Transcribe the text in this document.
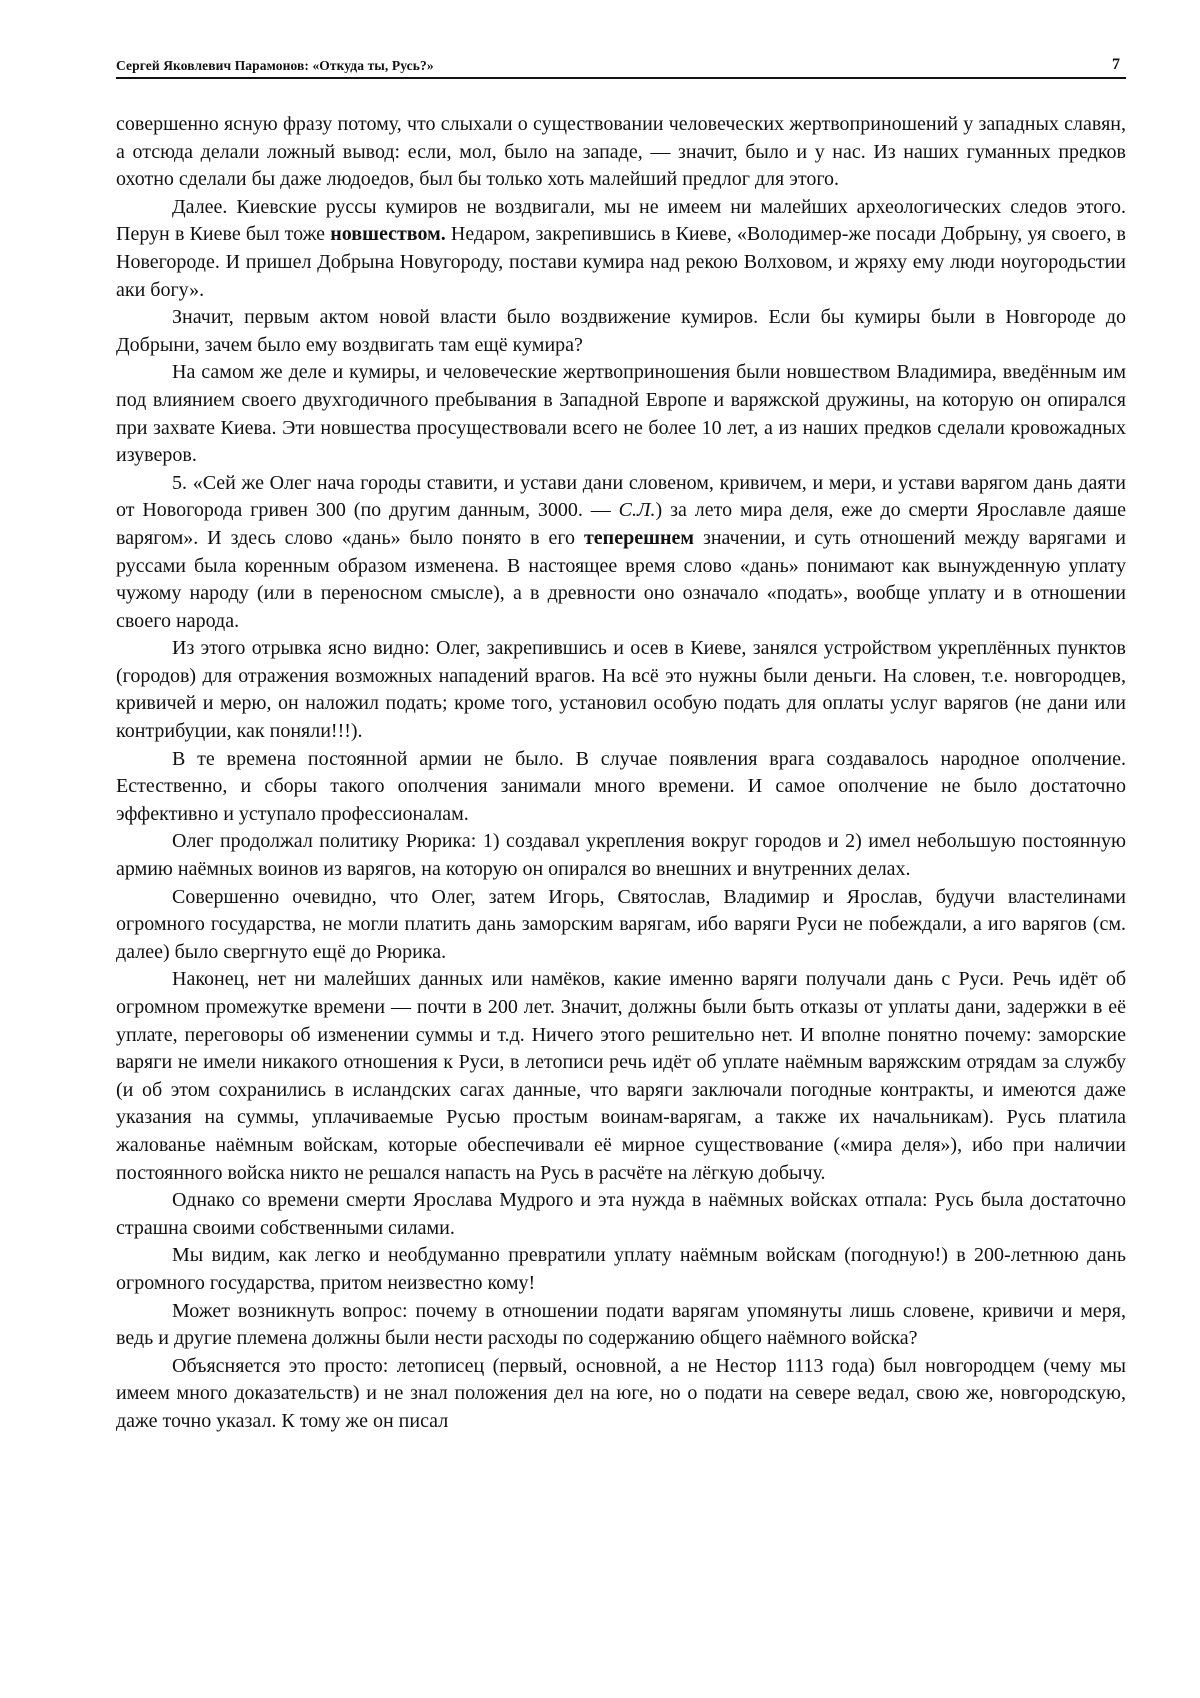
Сергей Яковлевич Парамонов: «Откуда ты, Русь?»	7

совершенно ясную фразу потому, что слыхали о существовании человеческих жертвоприношений у западных славян, а отсюда делали ложный вывод: если, мол, было на западе, — значит, было и у нас. Из наших гуманных предков охотно сделали бы даже людоедов, был бы только хоть малейший предлог для этого.

Далее. Киевские руссы кумиров не воздвигали, мы не имеем ни малейших археологических следов этого. Перун в Киеве был тоже новшеством. Недаром, закрепившись в Киеве, «Володимер-же посади Добрыну, уя своего, в Новегороде. И пришел Добрына Новугороду, постави кумира над рекою Волховом, и жряху ему люди ноугородьстии аки богу».

Значит, первым актом новой власти было воздвижение кумиров. Если бы кумиры были в Новгороде до Добрыни, зачем было ему воздвигать там ещё кумира?

На самом же деле и кумиры, и человеческие жертвоприношения были новшеством Владимира, введённым им под влиянием своего двухгодичного пребывания в Западной Европе и варяжской дружины, на которую он опирался при захвате Киева. Эти новшества просуществовали всего не более 10 лет, а из наших предков сделали кровожадных изуверов.

5. «Сей же Олег нача городы ставити, и устави дани словеном, кривичем, и мери, и устави варягом дань даяти от Новогорода гривен 300 (по другим данным, 3000. — С.Л.) за лето мира деля, еже до смерти Ярославле даяше варягом». И здесь слово «дань» было понято в его теперешнем значении, и суть отношений между варягами и руссами была коренным образом изменена. В настоящее время слово «дань» понимают как вынужденную уплату чужому народу (или в переносном смысле), а в древности оно означало «подать», вообще уплату и в отношении своего народа.

Из этого отрывка ясно видно: Олег, закрепившись и осев в Киеве, занялся устройством укреплённых пунктов (городов) для отражения возможных нападений врагов. На всё это нужны были деньги. На словен, т.е. новгородцев, кривичей и мерю, он наложил подать; кроме того, установил особую подать для оплаты услуг варягов (не дани или контрибуции, как поняли!!!).

В те времена постоянной армии не было. В случае появления врага создавалось народное ополчение. Естественно, и сборы такого ополчения занимали много времени. И самое ополчение не было достаточно эффективно и уступало профессионалам.

Олег продолжал политику Рюрика: 1) создавал укрепления вокруг городов и 2) имел небольшую постоянную армию наёмных воинов из варягов, на которую он опирался во внешних и внутренних делах.

Совершенно очевидно, что Олег, затем Игорь, Святослав, Владимир и Ярослав, будучи властелинами огромного государства, не могли платить дань заморским варягам, ибо варяги Руси не побеждали, а иго варягов (см. далее) было свергнуто ещё до Рюрика.

Наконец, нет ни малейших данных или намёков, какие именно варяги получали дань с Руси. Речь идёт об огромном промежутке времени — почти в 200 лет. Значит, должны были быть отказы от уплаты дани, задержки в её уплате, переговоры об изменении суммы и т.д. Ничего этого решительно нет. И вполне понятно почему: заморские варяги не имели никакого отношения к Руси, в летописи речь идёт об уплате наёмным варяжским отрядам за службу (и об этом сохранились в исландских сагах данные, что варяги заключали погодные контракты, и имеются даже указания на суммы, уплачиваемые Русью простым воинам-варягам, а также их начальникам). Русь платила жалованье наёмным войскам, которые обеспечивали её мирное существование («мира деля»), ибо при наличии постоянного войска никто не решался напасть на Русь в расчёте на лёгкую добычу.

Однако со времени смерти Ярослава Мудрого и эта нужда в наёмных войсках отпала: Русь была достаточно страшна своими собственными силами.

Мы видим, как легко и необдуманно превратили уплату наёмным войскам (погодную!) в 200-летнюю дань огромного государства, притом неизвестно кому!

Может возникнуть вопрос: почему в отношении подати варягам упомянуты лишь словене, кривичи и меря, ведь и другие племена должны были нести расходы по содержанию общего наёмного войска?

Объясняется это просто: летописец (первый, основной, а не Нестор 1113 года) был новгородцем (чему мы имеем много доказательств) и не знал положения дел на юге, но о подати на севере ведал, свою же, новгородскую, даже точно указал. К тому же он писал
